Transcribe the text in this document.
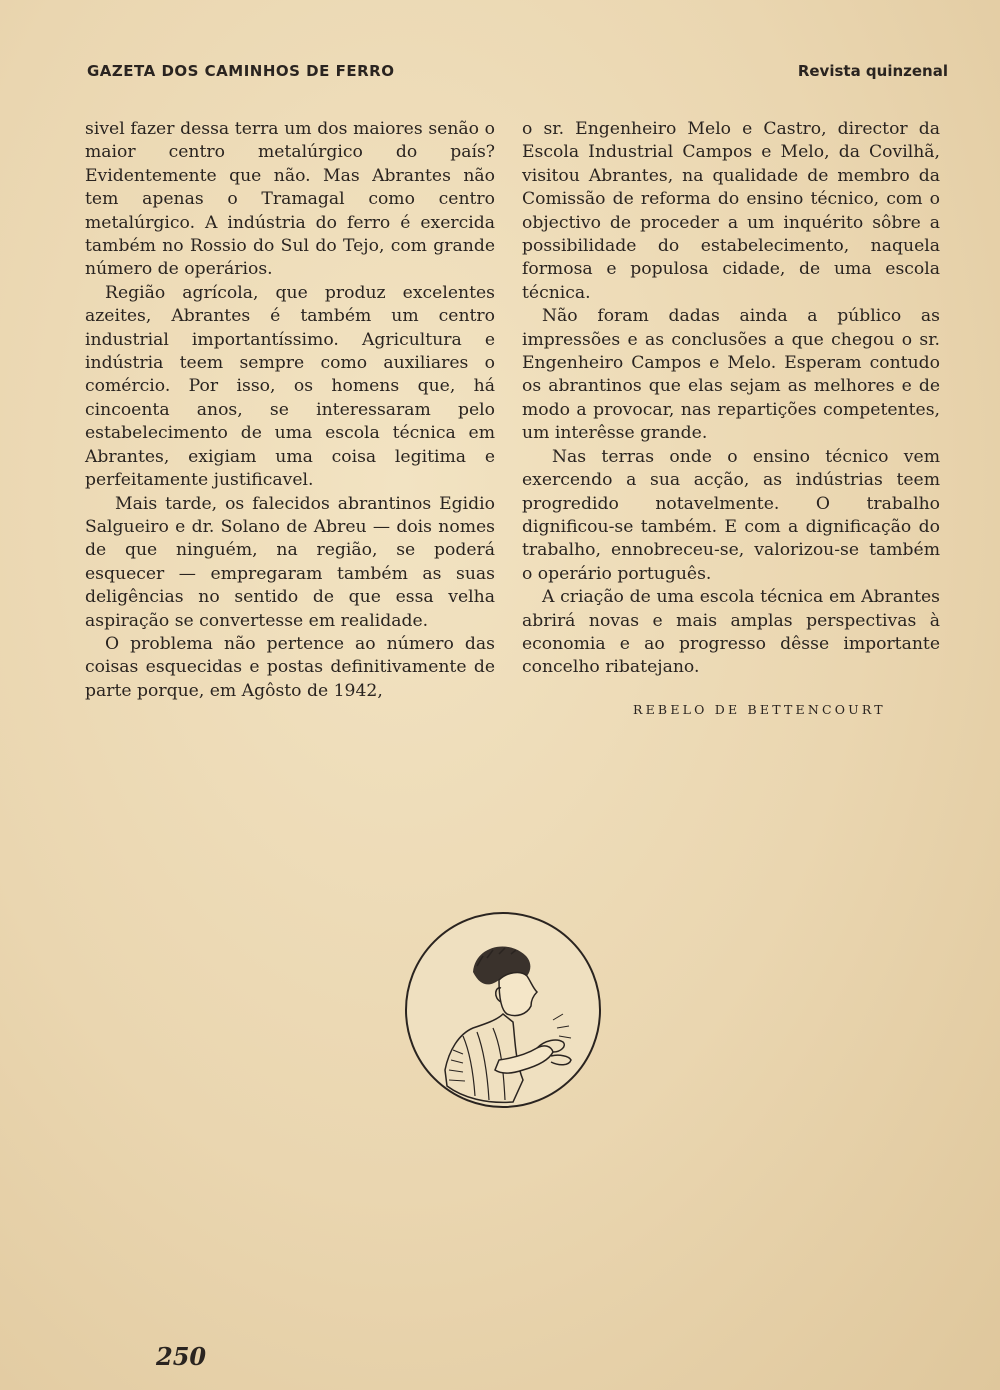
GAZETA DOS CAMINHOS DE FERRO	Revista quinzenal

sivel fazer dessa terra um dos maiores senão o maior centro metalúrgico do país? Evidentemente que não. Mas Abrantes não tem apenas o Tramagal como centro metalúrgico. A indústria do ferro é exercida também no Rossio do Sul do Tejo, com grande número de operários.

Região agrícola, que produz excelentes azeites, Abrantes é também um centro industrial importantíssimo. Agricultura e indústria teem sempre como auxiliares o comércio. Por isso, os homens que, há cincoenta anos, se interessaram pelo estabelecimento de uma escola técnica em Abrantes, exigiam uma coisa legitima e perfeitamente justificavel.

Mais tarde, os falecidos abrantinos Egidio Salgueiro e dr. Solano de Abreu — dois nomes de que ninguém, na região, se poderá esquecer — empregaram também as suas deligências no sentido de que essa velha aspiração se convertesse em realidade.

O problema não pertence ao número das coisas esquecidas e postas definitivamente de parte porque, em Agôsto de 1942,

o sr. Engenheiro Melo e Castro, director da Escola Industrial Campos e Melo, da Covilhã, visitou Abrantes, na qualidade de membro da Comissão de reforma do ensino técnico, com o objectivo de proceder a um inquérito sôbre a possibilidade do estabelecimento, naquela formosa e populosa cidade, de uma escola técnica.

Não foram dadas ainda a público as impressões e as conclusões a que chegou o sr. Engenheiro Campos e Melo. Esperam contudo os abrantinos que elas sejam as melhores e de modo a provocar, nas repartições competentes, um interêsse grande.

Nas terras onde o ensino técnico vem exercendo a sua acção, as indústrias teem progredido notavelmente. O trabalho dignificou-se também. E com a dignificação do trabalho, ennobreceu-se, valorizou-se também o operário português.

A criação de uma escola técnica em Abrantes abrirá novas e mais amplas perspectivas à economia e ao progresso dêsse importante concelho ribatejano.

REBELO DE BETTENCOURT
250
